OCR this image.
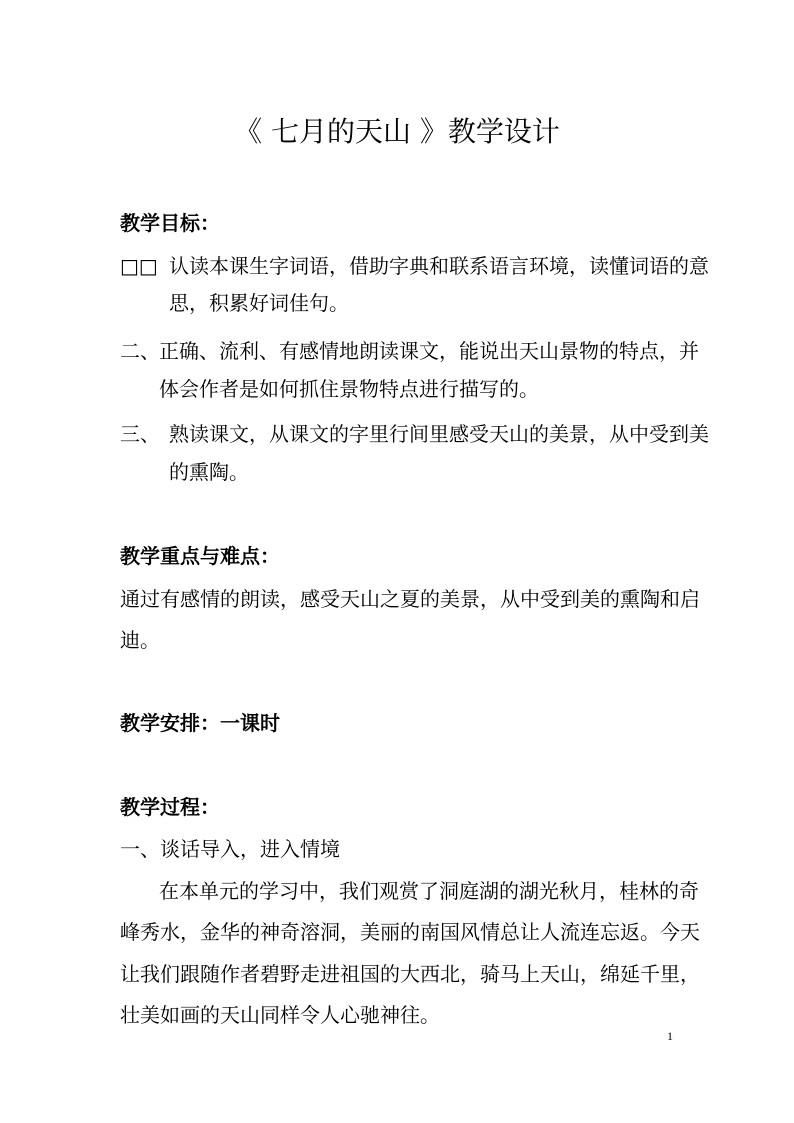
《 七月的天山 》教学设计
教学目标：
□□ 认读本课生字词语，借助字典和联系语言环境，读懂词语的意
思，积累好词佳句。
二、 正确、流利、有感情地朗读课文，能说出天山景物的特点，并
体会作者是如何抓住景物特点进行描写的。
三、 熟读课文，从课文的字里行间里感受天山的美景，从中受到美
的熏陶。
教学重点与难点：
通过有感情的朗读，感受天山之夏的美景，从中受到美的熏陶和启
迪。
教学安排：一课时
教学过程：
一、谈话导入，进入情境
在本单元的学习中，我们观赏了洞庭湖的湖光秋月，桂林的奇
峰秀水，金华的神奇溶洞，美丽的南国风情总让人流连忘返。今天
让我们跟随作者碧野走进祖国的大西北，骑马上天山，绵延千里，
壮美如画的天山同样令人心驰神往。
1
